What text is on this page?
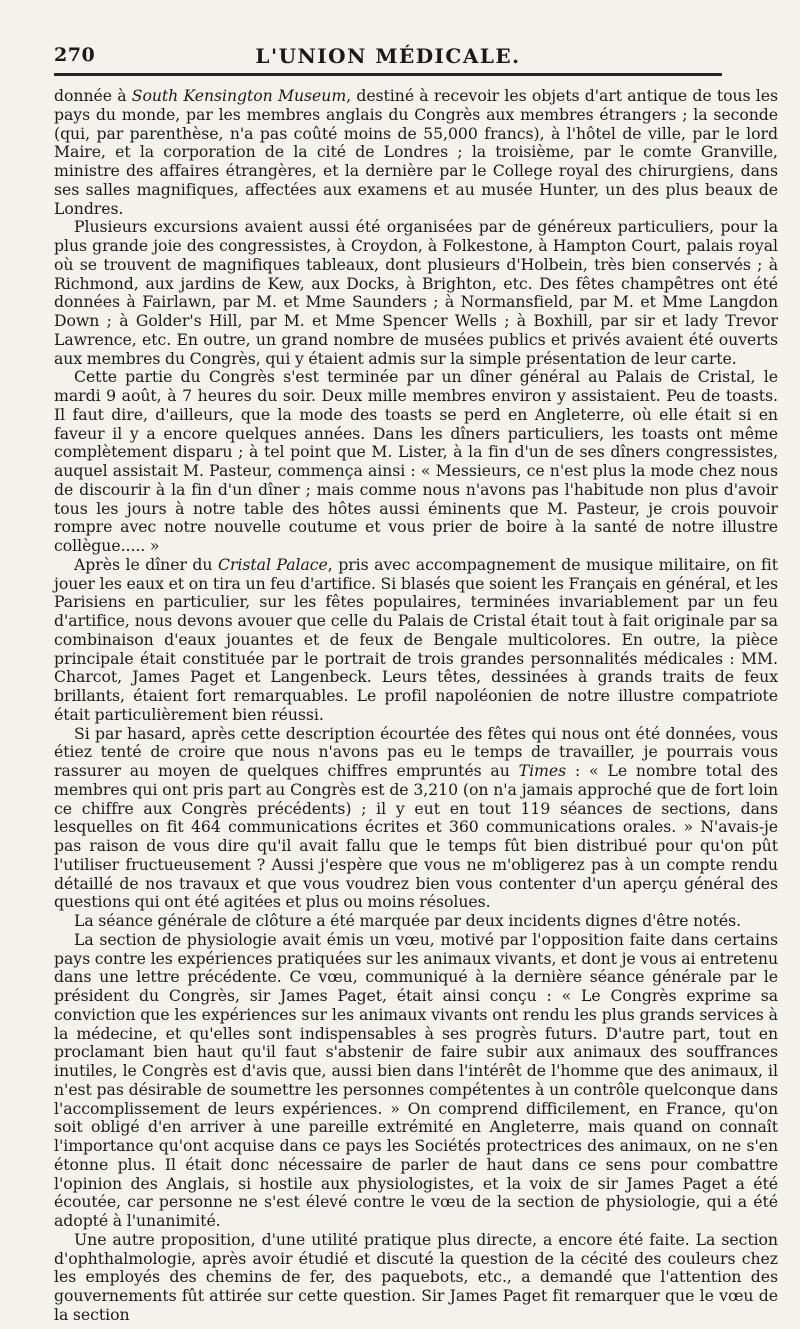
270	L'UNION MÉDICALE.

donnée à South Kensington Museum, destiné à recevoir les objets d'art antique de tous les pays du monde, par les membres anglais du Congrès aux membres étrangers ; la seconde (qui, par parenthèse, n'a pas coûté moins de 55,000 francs), à l'hôtel de ville, par le lord Maire, et la corporation de la cité de Londres ; la troisième, par le comte Granville, ministre des affaires étrangères, et la dernière par le College royal des chirurgiens, dans ses salles magnifiques, affectées aux examens et au musée Hunter, un des plus beaux de Londres.

Plusieurs excursions avaient aussi été organisées par de généreux particuliers, pour la plus grande joie des congressistes, à Croydon, à Folkestone, à Hampton Court, palais royal où se trouvent de magnifiques tableaux, dont plusieurs d'Holbein, très bien conservés ; à Richmond, aux jardins de Kew, aux Docks, à Brighton, etc. Des fêtes champêtres ont été données à Fairlawn, par M. et Mme Saunders ; à Normansfield, par M. et Mme Langdon Down ; à Golder's Hill, par M. et Mme Spencer Wells ; à Boxhill, par sir et lady Trevor Lawrence, etc. En outre, un grand nombre de musées publics et privés avaient été ouverts aux membres du Congrès, qui y étaient admis sur la simple présentation de leur carte.

Cette partie du Congrès s'est terminée par un dîner général au Palais de Cristal, le mardi 9 août, à 7 heures du soir. Deux mille membres environ y assistaient. Peu de toasts. Il faut dire, d'ailleurs, que la mode des toasts se perd en Angleterre, où elle était si en faveur il y a encore quelques années. Dans les dîners particuliers, les toasts ont même complètement disparu ; à tel point que M. Lister, à la fin d'un de ses dîners congressistes, auquel assistait M. Pasteur, commença ainsi : « Messieurs, ce n'est plus la mode chez nous de discourir à la fin d'un dîner ; mais comme nous n'avons pas l'habitude non plus d'avoir tous les jours à notre table des hôtes aussi éminents que M. Pasteur, je crois pouvoir rompre avec notre nouvelle coutume et vous prier de boire à la santé de notre illustre collègue..... »

Après le dîner du Cristal Palace, pris avec accompagnement de musique militaire, on fit jouer les eaux et on tira un feu d'artifice. Si blasés que soient les Français en général, et les Parisiens en particulier, sur les fêtes populaires, terminées invariablement par un feu d'artifice, nous devons avouer que celle du Palais de Cristal était tout à fait originale par sa combinaison d'eaux jouantes et de feux de Bengale multicolores. En outre, la pièce principale était constituée par le portrait de trois grandes personnalités médicales : MM. Charcot, James Paget et Langenbeck. Leurs têtes, dessinées à grands traits de feux brillants, étaient fort remarquables. Le profil napoléonien de notre illustre compatriote était particulièrement bien réussi.

Si par hasard, après cette description écourtée des fêtes qui nous ont été données, vous étiez tenté de croire que nous n'avons pas eu le temps de travailler, je pourrais vous rassurer au moyen de quelques chiffres empruntés au Times : « Le nombre total des membres qui ont pris part au Congrès est de 3,210 (on n'a jamais approché que de fort loin ce chiffre aux Congrès précédents) ; il y eut en tout 119 séances de sections, dans lesquelles on fit 464 communications écrites et 360 communications orales. » N'avais-je pas raison de vous dire qu'il avait fallu que le temps fût bien distribué pour qu'on pût l'utiliser fructueusement ? Aussi j'espère que vous ne m'obligerez pas à un compte rendu détaillé de nos travaux et que vous voudrez bien vous contenter d'un aperçu général des questions qui ont été agitées et plus ou moins résolues.

La séance générale de clôture a été marquée par deux incidents dignes d'être notés.

La section de physiologie avait émis un vœu, motivé par l'opposition faite dans certains pays contre les expériences pratiquées sur les animaux vivants, et dont je vous ai entretenu dans une lettre précédente. Ce vœu, communiqué à la dernière séance générale par le président du Congrès, sir James Paget, était ainsi conçu : « Le Congrès exprime sa conviction que les expériences sur les animaux vivants ont rendu les plus grands services à la médecine, et qu'elles sont indispensables à ses progrès futurs. D'autre part, tout en proclamant bien haut qu'il faut s'abstenir de faire subir aux animaux des souffrances inutiles, le Congrès est d'avis que, aussi bien dans l'intérêt de l'homme que des animaux, il n'est pas désirable de soumettre les personnes compétentes à un contrôle quelconque dans l'accomplissement de leurs expériences. » On comprend difficilement, en France, qu'on soit obligé d'en arriver à une pareille extrémité en Angleterre, mais quand on connaît l'importance qu'ont acquise dans ce pays les Sociétés protectrices des animaux, on ne s'en étonne plus. Il était donc nécessaire de parler de haut dans ce sens pour combattre l'opinion des Anglais, si hostile aux physiologistes, et la voix de sir James Paget a été écoutée, car personne ne s'est élevé contre le vœu de la section de physiologie, qui a été adopté à l'unanimité.

Une autre proposition, d'une utilité pratique plus directe, a encore été faite. La section d'ophthalmologie, après avoir étudié et discuté la question de la cécité des couleurs chez les employés des chemins de fer, des paquebots, etc., a demandé que l'attention des gouvernements fût attirée sur cette question. Sir James Paget fit remarquer que le vœu de la section
